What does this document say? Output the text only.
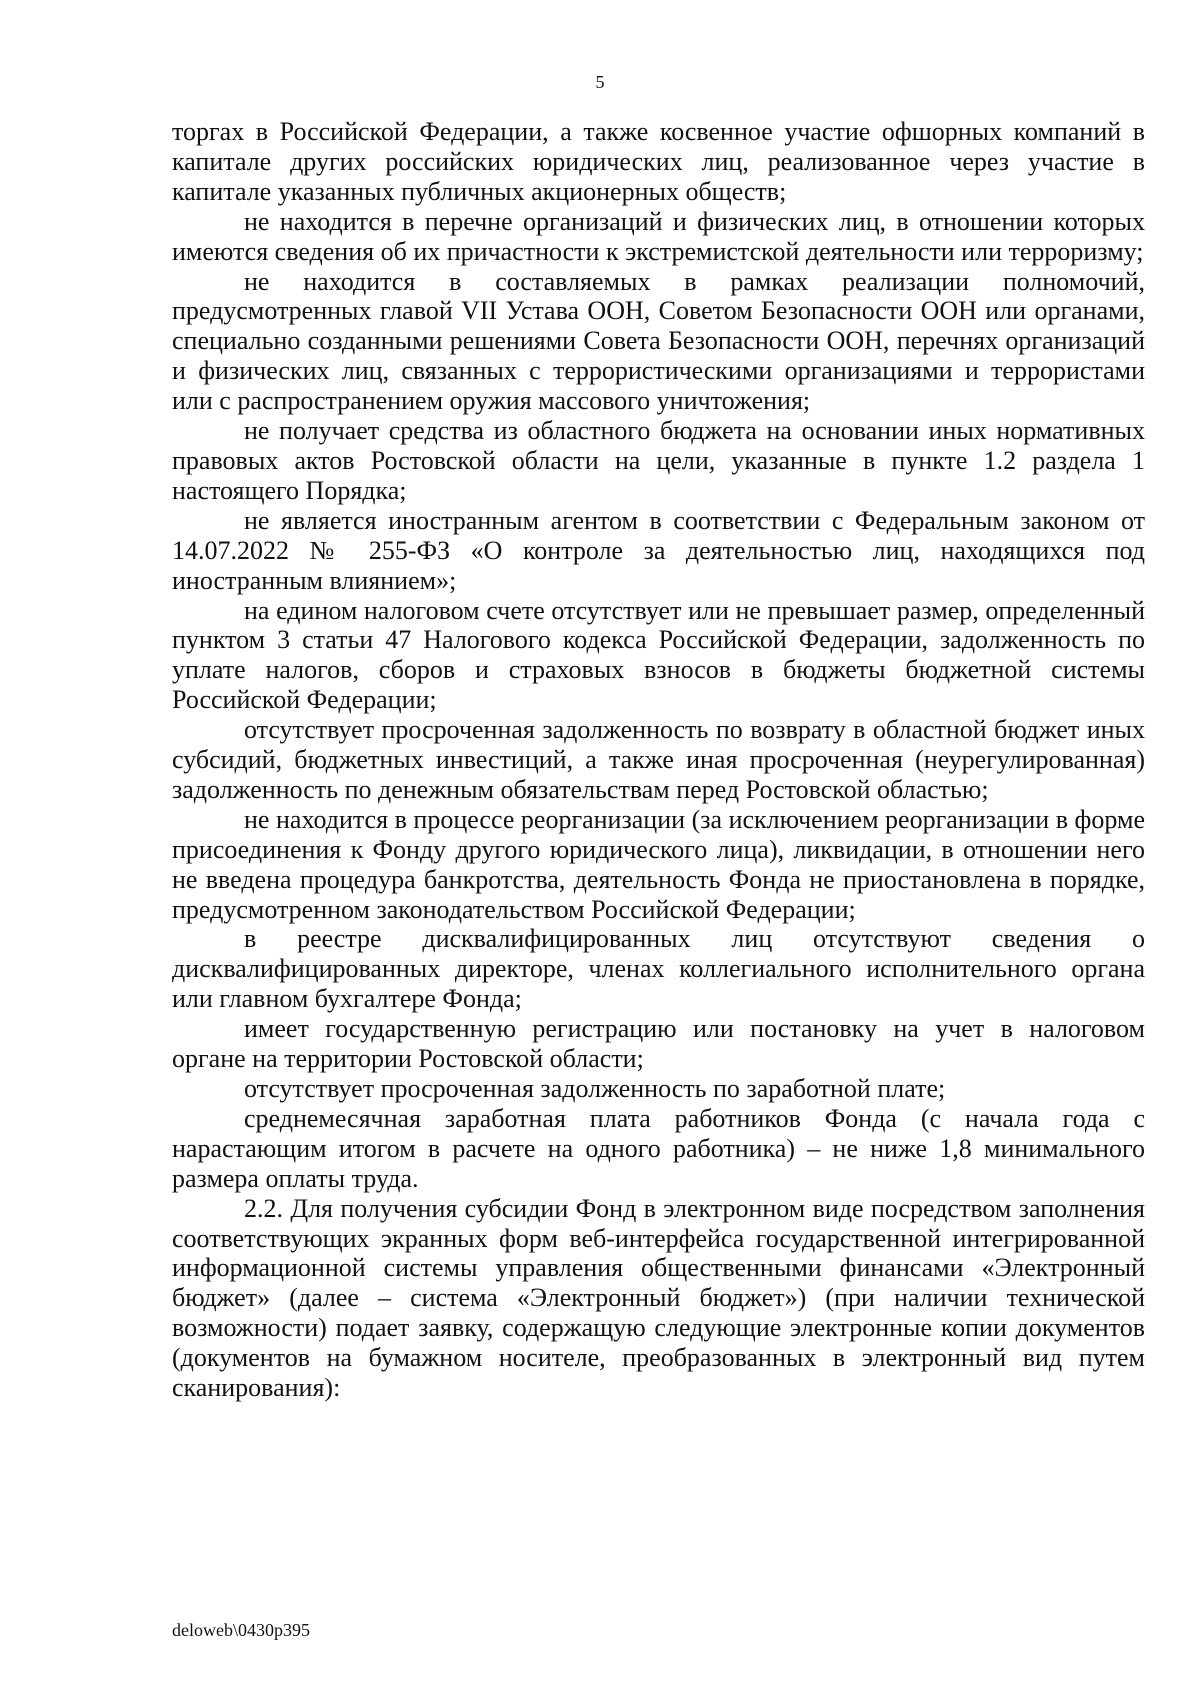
5

торгах в Российской Федерации, а также косвенное участие офшорных компаний в капитале других российских юридических лиц, реализованное через участие в капитале указанных публичных акционерных обществ;

не находится в перечне организаций и физических лиц, в отношении которых имеются сведения об их причастности к экстремистской деятельности или терроризму;

не находится в составляемых в рамках реализации полномочий, предусмотренных главой VII Устава ООН, Советом Безопасности ООН или органами, специально созданными решениями Совета Безопасности ООН, перечнях организаций и физических лиц, связанных с террористическими организациями и террористами или с распространением оружия массового уничтожения;

не получает средства из областного бюджета на основании иных нормативных правовых актов Ростовской области на цели, указанные в пункте 1.2 раздела 1 настоящего Порядка;

не является иностранным агентом в соответствии с Федеральным законом от 14.07.2022 № 255-ФЗ «О контроле за деятельностью лиц, находящихся под иностранным влиянием»;

на едином налоговом счете отсутствует или не превышает размер, определенный пунктом 3 статьи 47 Налогового кодекса Российской Федерации, задолженность по уплате налогов, сборов и страховых взносов в бюджеты бюджетной системы Российской Федерации;

отсутствует просроченная задолженность по возврату в областной бюджет иных субсидий, бюджетных инвестиций, а также иная просроченная (неурегулированная) задолженность по денежным обязательствам перед Ростовской областью;

не находится в процессе реорганизации (за исключением реорганизации в форме присоединения к Фонду другого юридического лица), ликвидации, в отношении него не введена процедура банкротства, деятельность Фонда не приостановлена в порядке, предусмотренном законодательством Российской Федерации;

в реестре дисквалифицированных лиц отсутствуют сведения о дисквалифицированных директоре, членах коллегиального исполнительного органа или главном бухгалтере Фонда;

имеет государственную регистрацию или постановку на учет в налоговом органе на территории Ростовской области;

отсутствует просроченная задолженность по заработной плате;

среднемесячная заработная плата работников Фонда (с начала года с нарастающим итогом в расчете на одного работника) – не ниже 1,8 минимального размера оплаты труда.

2.2. Для получения субсидии Фонд в электронном виде посредством заполнения соответствующих экранных форм веб-интерфейса государственной интегрированной информационной системы управления общественными финансами «Электронный бюджет» (далее – система «Электронный бюджет») (при наличии технической возможности) подает заявку, содержащую следующие электронные копии документов (документов на бумажном носителе, преобразованных в электронный вид путем сканирования):

deloweb\0430p395
